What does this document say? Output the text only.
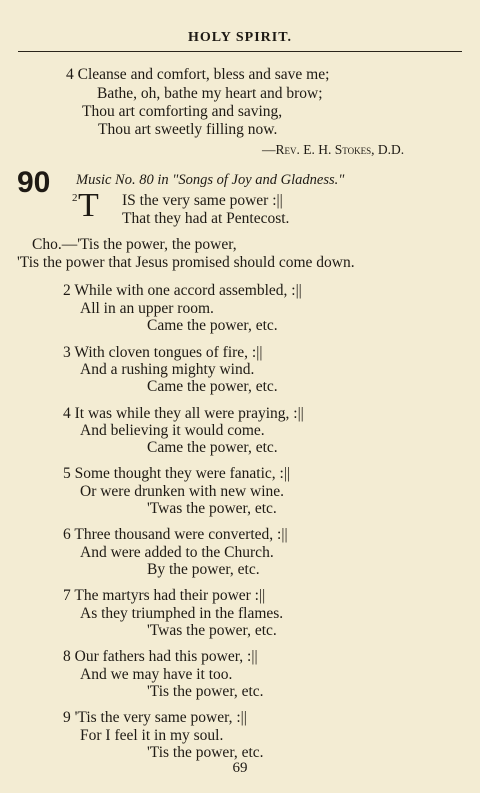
HOLY SPIRIT.
4 Cleanse and comfort, bless and save me;
Bathe, oh, bathe my heart and brow;
Thou art comforting and saving,
Thou art sweetly filling now.
—Rev. E. H. Stokes, D.D.
90 Music No. 80 in "Songs of Joy and Gladness."
2 T IS the very same power :||
That they had at Pentecost.
Cho.—'Tis the power, the power,
'Tis the power that Jesus promised should come down.
2 While with one accord assembled, :||
All in an upper room.
Came the power, etc.
3 With cloven tongues of fire, :||
And a rushing mighty wind.
Came the power, etc.
4 It was while they all were praying, :||
And believing it would come.
Came the power, etc.
5 Some thought they were fanatic, :||
Or were drunken with new wine.
'Twas the power, etc.
6 Three thousand were converted, :||
And were added to the Church.
By the power, etc.
7 The martyrs had their power :||
As they triumphed in the flames.
'Twas the power, etc.
8 Our fathers had this power, :||
And we may have it too.
'Tis the power, etc.
9 'Tis the very same power, :||
For I feel it in my soul.
'Tis the power, etc.
69
